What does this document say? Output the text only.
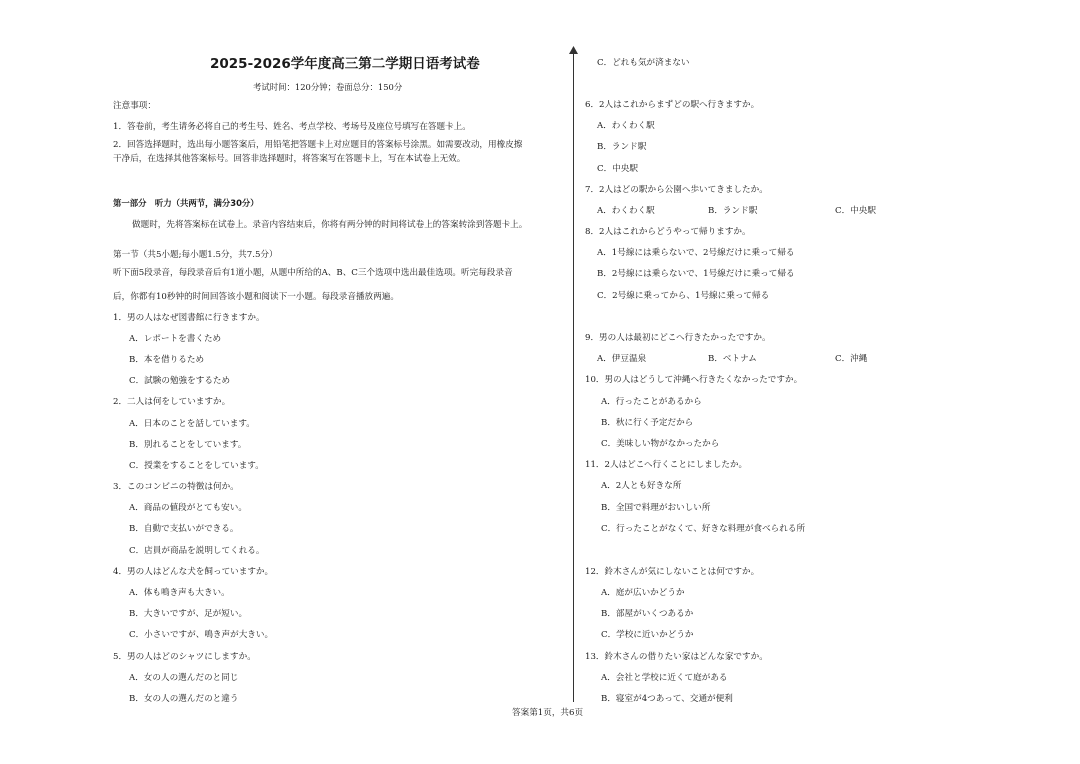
2025-2026学年度高三第二学期日语考试卷
考试时间：120分钟；卷面总分：150分
注意事项：
1．答卷前，考生请务必将自己的考生号、姓名、考点学校、考场号及座位号填写在答题卡上。
2．回答选择题时，选出每小题答案后，用铅笔把答题卡上对应题目的答案标号涂黑。如需要改动，用橡皮擦
干净后，在选择其他答案标号。回答非选择题时，将答案写在答题卡上，写在本试卷上无效。
第一部分　听力（共两节，满分30分）
做题时，先将答案标在试卷上。录音内容结束后，你将有两分钟的时间将试卷上的答案转涂到答题卡上。
第一节（共5小题;每小题1.5分，共7.5分）
听下面5段录音，每段录音后有1道小题，从题中所给的A、B、C三个选项中选出最佳选项。听完每段录音
后，你都有10秒钟的时间回答该小题和阅读下一小题。每段录音播放两遍。
1．男の人はなぜ図書館に行きますか。
A．レポートを書くため
B．本を借りるため
C．試験の勉強をするため
2．二人は何をしていますか。
A．日本のことを話しています。
B．別れることをしています。
C．授業をすることをしています。
3．このコンビニの特徴は何か。
A．商品の値段がとても安い。
B．自動で支払いができる。
C．店員が商品を説明してくれる。
4．男の人はどんな犬を飼っていますか。
A．体も鳴き声も大きい。
B．大きいですが、足が短い。
C．小さいですが、鳴き声が大きい。
5．男の人はどのシャツにしますか。
A．女の人の選んだのと同じ
B．女の人の選んだのと違う
C．どれも気が済まない
6．2人はこれからまずどの駅へ行きますか。
A．わくわく駅
B．ランド駅
C．中央駅
7．2人はどの駅から公園へ歩いてきましたか。
A．わくわく駅	B．ランド駅	C．中央駅
8．2人はこれからどうやって帰りますか。
A．1号線には乗らないで、2号線だけに乗って帰る
B．2号線には乗らないで、1号線だけに乗って帰る
C．2号線に乗ってから、1号線に乗って帰る
9．男の人は最初にどこへ行きたかったですか。
A．伊豆温泉	B．ベトナム	C．沖縄
10．男の人はどうして沖縄へ行きたくなかったですか。
A．行ったことがあるから
B．秋に行く予定だから
C．美味しい物がなかったから
11．2人はどこへ行くことにしましたか。
A．2人とも好きな所
B．全国で料理がおいしい所
C．行ったことがなくて、好きな料理が食べられる所
12．鈴木さんが気にしないことは何ですか。
A．庭が広いかどうか
B．部屋がいくつあるか
C．学校に近いかどうか
13．鈴木さんの借りたい家はどんな家ですか。
A．会社と学校に近くて庭がある
B．寝室が4つあって、交通が便利
答案第1页，共6页
